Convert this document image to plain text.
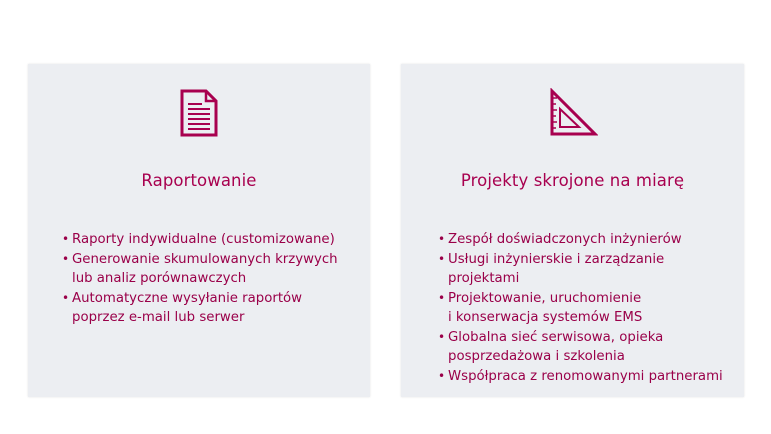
Raportowanie
• Raporty indywidualne (customizowane)
• Generowanie skumulowanych krzywych
lub analiz porównawczych
• Automatyczne wysyłanie raportów
poprzez e-mail lub serwer
Projekty skrojone na miarę
• Zespół doświadczonych inżynierów
• Usługi inżynierskie i zarządzanie
projektami
• Projektowanie, uruchomienie
i konserwacja systemów EMS
• Globalna sieć serwisowa, opieka
posprzedażowa i szkolenia
• Współpraca z renomowanymi partnerami
